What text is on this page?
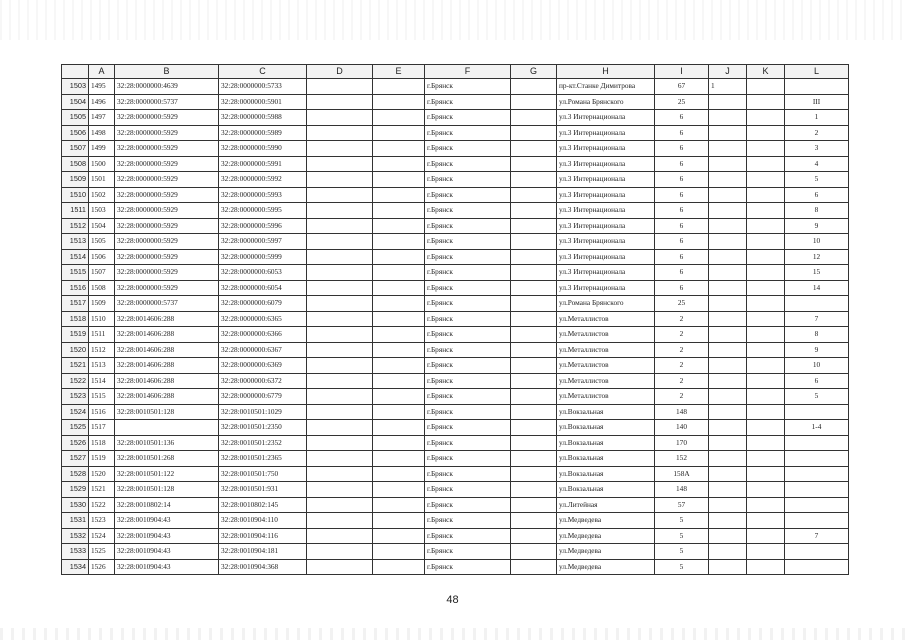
	A	B	C	D	E	F	G	H	I	J	K	L
1503	1495	32:28:0000000:4639	32:28:0000000:5733			г.Брянск		пр-кт.Станке Димитрова	67	1		
1504	1496	32:28:0000000:5737	32:28:0000000:5901			г.Брянск		ул.Романа Брянского	25			III
1505	1497	32:28:0000000:5929	32:28:0000000:5988			г.Брянск		ул.3 Интернационала	6			1
1506	1498	32:28:0000000:5929	32:28:0000000:5989			г.Брянск		ул.3 Интернационала	6			2
1507	1499	32:28:0000000:5929	32:28:0000000:5990			г.Брянск		ул.3 Интернационала	6			3
1508	1500	32:28:0000000:5929	32:28:0000000:5991			г.Брянск		ул.3 Интернационала	6			4
1509	1501	32:28:0000000:5929	32:28:0000000:5992			г.Брянск		ул.3 Интернационала	6			5
1510	1502	32:28:0000000:5929	32:28:0000000:5993			г.Брянск		ул.3 Интернационала	6			6
1511	1503	32:28:0000000:5929	32:28:0000000:5995			г.Брянск		ул.3 Интернационала	6			8
1512	1504	32:28:0000000:5929	32:28:0000000:5996			г.Брянск		ул.3 Интернационала	6			9
1513	1505	32:28:0000000:5929	32:28:0000000:5997			г.Брянск		ул.3 Интернационала	6			10
1514	1506	32:28:0000000:5929	32:28:0000000:5999			г.Брянск		ул.3 Интернационала	6			12
1515	1507	32:28:0000000:5929	32:28:0000000:6053			г.Брянск		ул.3 Интернационала	6			15
1516	1508	32:28:0000000:5929	32:28:0000000:6054			г.Брянск		ул.3 Интернационала	6			14
1517	1509	32:28:0000000:5737	32:28:0000000:6079			г.Брянск		ул.Романа Брянского	25			
1518	1510	32:28:0014606:288	32:28:0000000:6365			г.Брянск		ул.Металлистов	2			7
1519	1511	32:28:0014606:288	32:28:0000000:6366			г.Брянск		ул.Металлистов	2			8
1520	1512	32:28:0014606:288	32:28:0000000:6367			г.Брянск		ул.Металлистов	2			9
1521	1513	32:28:0014606:288	32:28:0000000:6369			г.Брянск		ул.Металлистов	2			10
1522	1514	32:28:0014606:288	32:28:0000000:6372			г.Брянск		ул.Металлистов	2			6
1523	1515	32:28:0014606:288	32:28:0000000:6779			г.Брянск		ул.Металлистов	2			5
1524	1516	32:28:0010501:128	32:28:0010501:1029			г.Брянск		ул.Вокзальная	148			
1525	1517		32:28:0010501:2350			г.Брянск		ул.Вокзальная	140			1-4
1526	1518	32:28:0010501:136	32:28:0010501:2352			г.Брянск		ул.Вокзальная	170			
1527	1519	32:28:0010501:268	32:28:0010501:2365			г.Брянск		ул.Вокзальная	152			
1528	1520	32:28:0010501:122	32:28:0010501:750			г.Брянск		ул.Вокзальная	158А			
1529	1521	32:28:0010501:128	32:28:0010501:931			г.Брянск		ул.Вокзальная	148			
1530	1522	32:28:0010802:14	32:28:0010802:145			г.Брянск		ул.Литейная	57			
1531	1523	32:28:0010904:43	32:28:0010904:110			г.Брянск		ул.Медведева	5			
1532	1524	32:28:0010904:43	32:28:0010904:116			г.Брянск		ул.Медведева	5			7
1533	1525	32:28:0010904:43	32:28:0010904:181			г.Брянск		ул.Медведева	5			
1534	1526	32:28:0010904:43	32:28:0010904:368			г.Брянск		ул.Медведева	5			
48
